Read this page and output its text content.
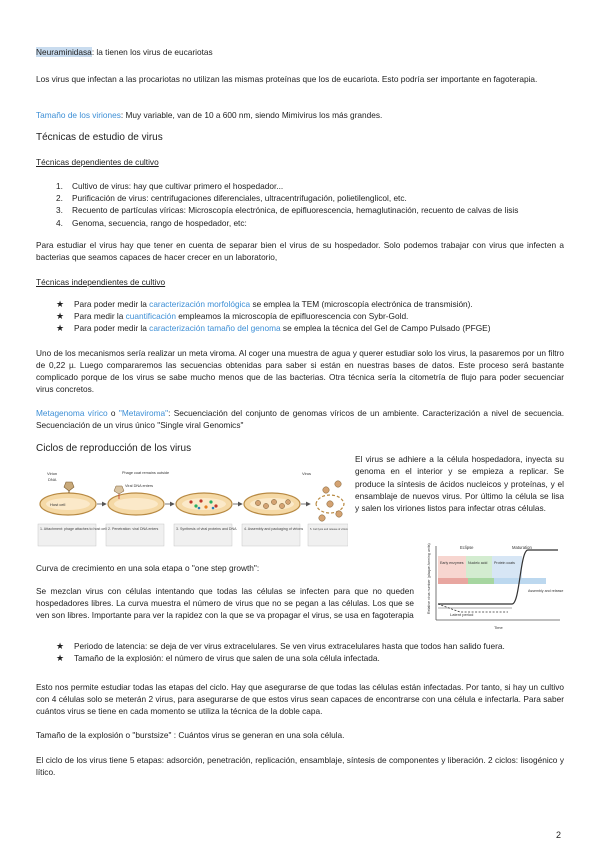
Neuraminidasa: la tienen los virus de eucariotas

Los virus que infectan a las procariotas no utilizan las mismas proteínas que los de eucariota. Esto podría ser importante en fagoterapia.

Tamaño de los viriones: Muy variable, van de 10 a 600 nm, siendo Mimivirus los más grandes.

Técnicas de estudio de virus

Técnicas dependientes de cultivo

1. Cultivo de virus: hay que cultivar primero el hospedador...
2. Purificación de virus: centrifugaciones diferenciales, ultracentrifugación, polietilenglicol, etc.
3. Recuento de partículas víricas: Microscopía electrónica, de epifluorescencia, hemaglutinación, recuento de calvas de lisis
4. Genoma, secuencia, rango de hospedador, etc:

Para estudiar el virus hay que tener en cuenta de separar bien el virus de su hospedador. Solo podemos trabajar con virus que infecten a bacterias que seamos capaces de hacer crecer en un laboratorio,

Técnicas independientes de cultivo

★ Para poder medir la caracterización morfológica se emplea la TEM (microscopía electrónica de transmisión).
★ Para medir la cuantificación empleamos la microscopía de epifluorescencia con Sybr-Gold.
★ Para poder medir la caracterización tamaño del genoma se emplea la técnica del Gel de Campo Pulsado (PFGE)

Uno de los mecanismos sería realizar un meta viroma. Al coger una muestra de agua y querer estudiar solo los virus, la pasaremos por un filtro de 0,22 µ. Luego compararemos las secuencias obtenidas para saber si están en nuestras bases de datos. Este proceso será bastante complicado porque de los virus se sabe mucho menos que de las bacterias. Otra técnica sería la citometría de flujo para poder secuenciar virus concretos.

Metagenoma vírico o "Metaviroma": Secuenciación del conjunto de genomas víricos de un ambiente. Caracterización a nivel de secuencia. Secuenciación de un virus único "Single viral Genomics"

Ciclos de reproducción de los virus

Virion
DNA
Host cell
Phage coat remains outside
Viral DNA enters
Virus
1. Attachment: phage attaches to host cell 2. Penetration: viral DNA enters	3. Synthesis of viral proteins and DNA 4. Assembly and packaging of virions	5. Cell lysis and release of virions

El virus se adhiere a la célula hospedadora, inyecta su genoma en el interior y se empieza a replicar. Se produce la síntesis de ácidos nucleicos y proteínas, y el ensamblaje de nuevos virus. Por último la célula se lisa y salen los viriones listos para infectar otras células.

Eclipse	Maturation
Early enzymes Nucleic acid Protein coats
Assembly and release
Latent period
Time
Relative virus number (plaque-forming units)

Curva de crecimiento en una sola etapa o "one step growth":

Se mezclan virus con células intentando que todas las células se infecten para que no queden hospedadores libres. La curva muestra el número de virus que no se pegan a las células. Los que se ven son libres. Importante para ver la rapidez con la que se va propagar el virus, se usa en fagoterapia

★ Periodo de latencia: se deja de ver virus extracelulares. Se ven virus extracelulares hasta que todos han salido fuera.
★ Tamaño de la explosión: el número de virus que salen de una sola célula infectada.

Esto nos permite estudiar todas las etapas del ciclo. Hay que asegurarse de que todas las células están infectadas. Por tanto, si hay un cultivo con 4 células solo se meterán 2 virus, para asegurarse de que estos virus sean capaces de encontrarse con una célula e infectarla. Para saber cuántos virus se tiene en cada momento se utiliza la técnica de la doble capa.

Tamaño de la explosión o "burstsize" : Cuántos virus se generan en una sola célula.

El ciclo de los virus tiene 5 etapas: adsorción, penetración, replicación, ensamblaje, síntesis de componentes y liberación. 2 ciclos: lisogénico y lítico.

2
